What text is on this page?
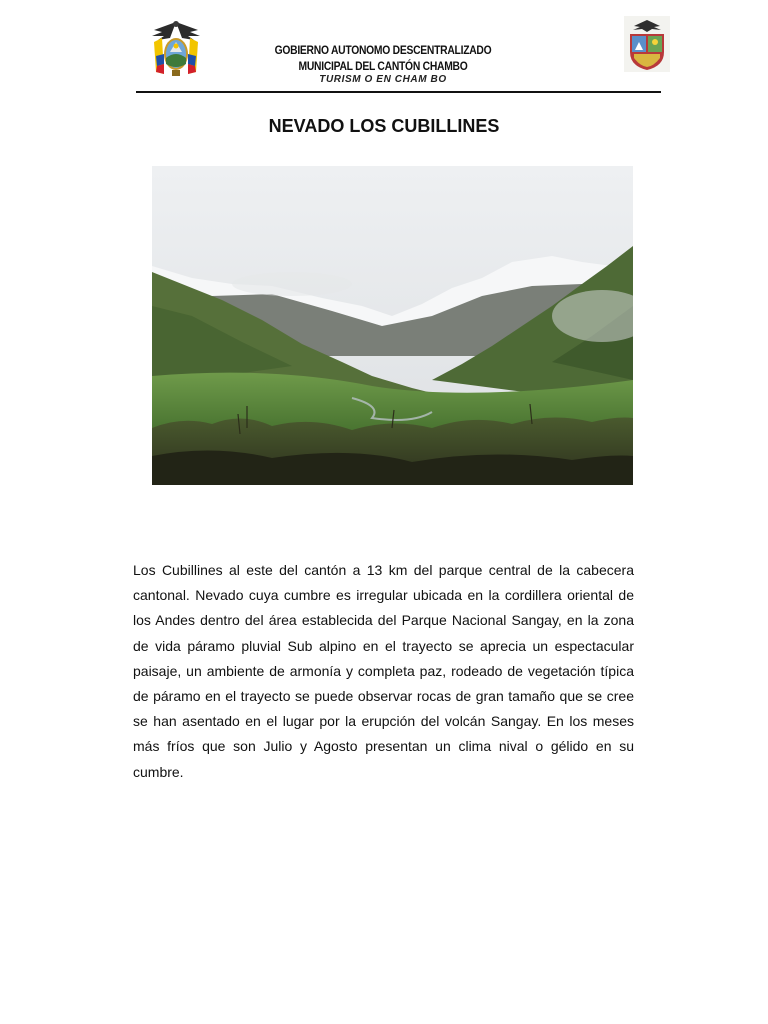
GOBIERNO AUTONOMO DESCENTRALIZADO
MUNICIPAL DEL CANTÓN CHAMBO
TURISM O EN CHAM BO
NEVADO LOS CUBILLINES
Los Cubillines al este del cantón a 13 km del parque central de la cabecera cantonal. Nevado cuya cumbre es irregular ubicada en la cordillera oriental de los Andes dentro del área establecida del Parque Nacional Sangay, en la zona de vida páramo pluvial Sub alpino en el trayecto se aprecia un espectacular paisaje, un ambiente de armonía y completa paz, rodeado de vegetación típica de páramo en el trayecto se puede observar rocas de gran tamaño que se cree se han asentado en el lugar por la erupción del volcán Sangay. En los meses más fríos que son Julio y Agosto presentan un clima nival o gélido en su cumbre.
